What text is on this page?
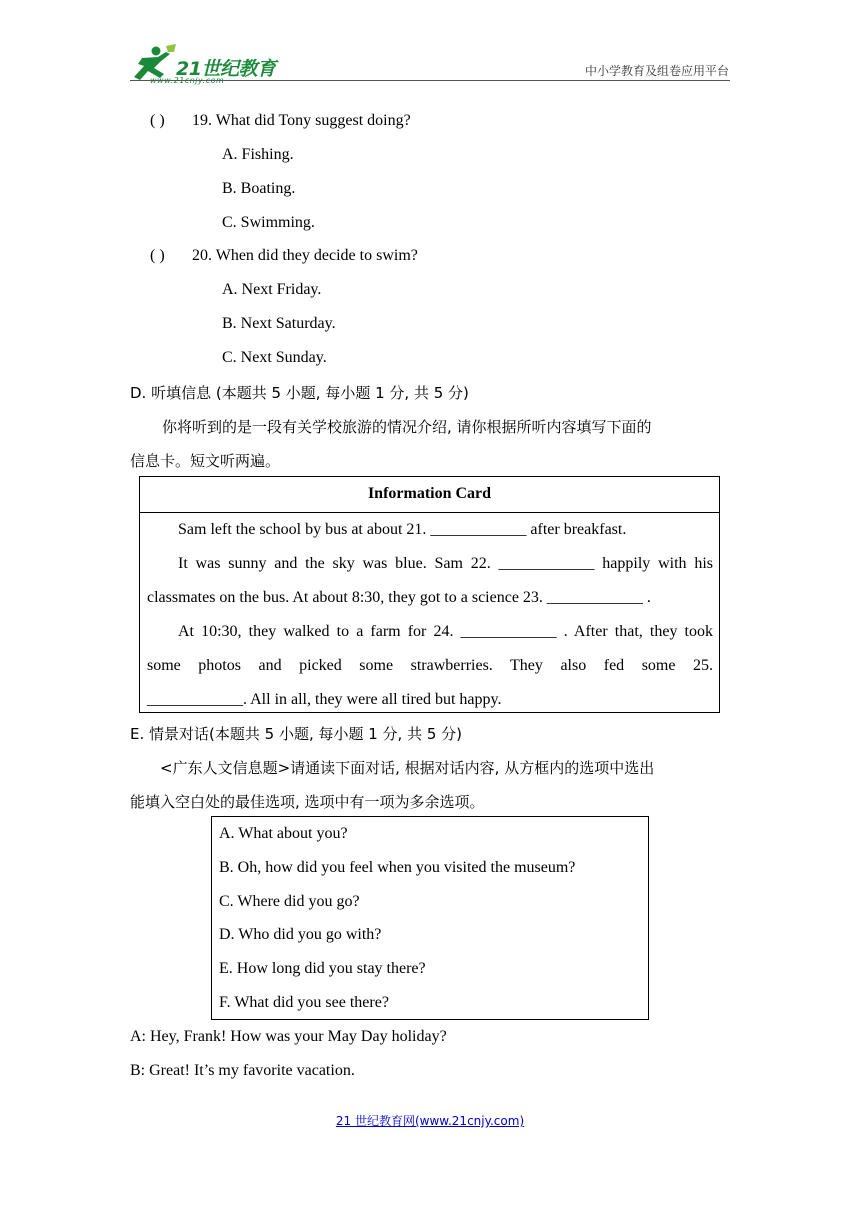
21世纪教育
www.21cnjy.com
中小学教育及组卷应用平台
( ) 19. What did Tony suggest doing?
A. Fishing.
B. Boating.
C. Swimming.
( ) 20. When did they decide to swim?
A. Next Friday.
B. Next Saturday.
C. Next Sunday.
D. 听填信息 (本题共 5 小题, 每小题 1 分, 共 5 分)
你将听到的是一段有关学校旅游的情况介绍, 请你根据所听内容填写下面的
信息卡。短文听两遍。
Information Card
Sam left the school by bus at about 21. ____________ after breakfast.
It was sunny and the sky was blue. Sam 22. ____________ happily with his
classmates on the bus. At about 8:30, they got to a science 23. ____________ .
At 10:30, they walked to a farm for 24. ____________ . After that, they took
some photos and picked some strawberries. They also fed some 25.
____________. All in all, they were all tired but happy.
E. 情景对话(本题共 5 小题, 每小题 1 分, 共 5 分)
<广东人文信息题>请通读下面对话, 根据对话内容, 从方框内的选项中选出
能填入空白处的最佳选项, 选项中有一项为多余选项。
A. What about you?
B. Oh, how did you feel when you visited the museum?
C. Where did you go?
D. Who did you go with?
E. How long did you stay there?
F. What did you see there?
A: Hey, Frank! How was your May Day holiday?
B: Great! It’s my favorite vacation.
21 世纪教育网(www.21cnjy.com)
